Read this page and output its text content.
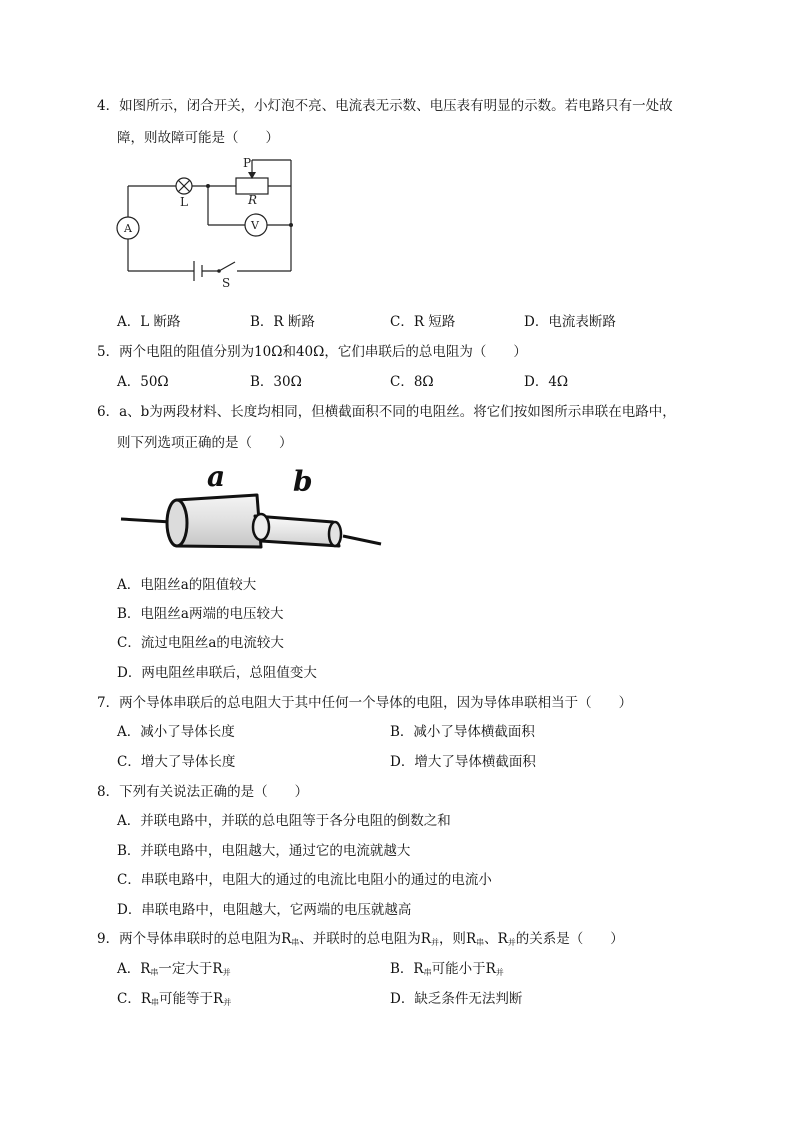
4．如图所示，闭合开关，小灯泡不亮、电流表无示数、电压表有明显的示数。若电路只有一处故
障，则故障可能是（　　）
P
R
L
A	V
S
A．L 断路	B．R 断路	C．R 短路	D．电流表断路
5．两个电阻的阻值分别为10Ω和40Ω，它们串联后的总电阻为（　　）
A．50Ω	B．30Ω	C．8Ω	D．4Ω
6．a、b为两段材料、长度均相同，但横截面积不同的电阻丝。将它们按如图所示串联在电路中，
则下列选项正确的是（　　）
a b
A．电阻丝a的阻值较大
B．电阻丝a两端的电压较大
C．流过电阻丝a的电流较大
D．两电阻丝串联后，总阻值变大
7．两个导体串联后的总电阻大于其中任何一个导体的电阻，因为导体串联相当于（　　）
A．减小了导体长度	B．减小了导体横截面积
C．增大了导体长度	D．增大了导体横截面积
8．下列有关说法正确的是（　　）
A．并联电路中，并联的总电阻等于各分电阻的倒数之和
B．并联电路中，电阻越大，通过它的电流就越大
C．串联电路中，电阻大的通过的电流比电阻小的通过的电流小
D．串联电路中，电阻越大，它两端的电压就越高
9．两个导体串联时的总电阻为$R_串$、并联时的总电阻为$R_并$，则$R_串$、$R_并$的关系是（　　）
A．$R_串$一定大于$R_并$	B．$R_串$可能小于$R_并$
C．$R_串$可能等于$R_并$	D．缺乏条件无法判断
